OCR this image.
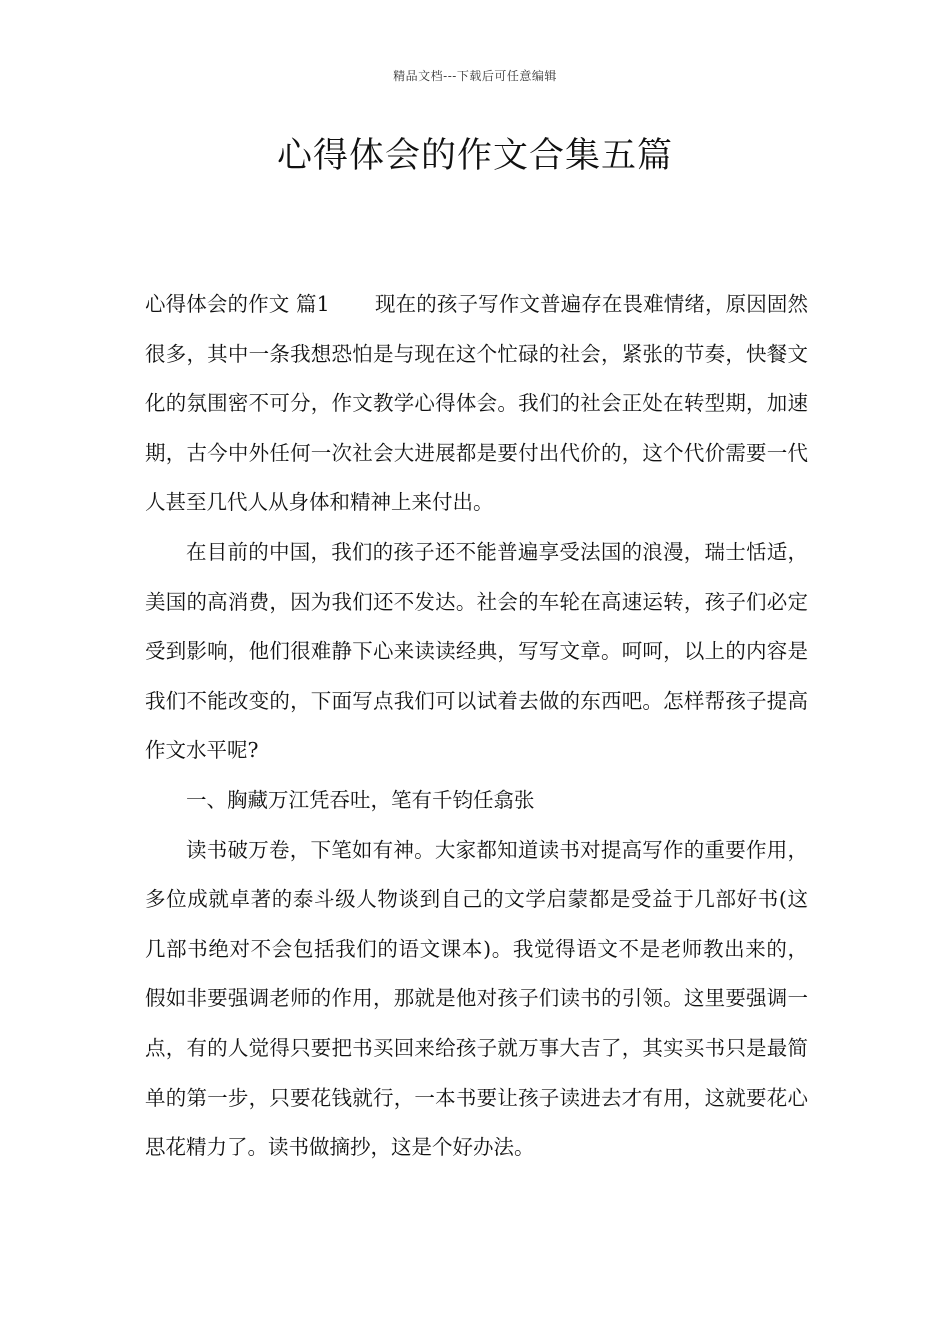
精品文档---下载后可任意编辑
心得体会的作文合集五篇

心得体会的作文 篇1 现在的孩子写作文普遍存在畏难情绪，原因固然很多，其中一条我想恐怕是与现在这个忙碌的社会，紧张的节奏，快餐文化的氛围密不可分，作文教学心得体会。我们的社会正处在转型期，加速期，古今中外任何一次社会大进展都是要付出代价的，这个代价需要一代人甚至几代人从身体和精神上来付出。

在目前的中国，我们的孩子还不能普遍享受法国的浪漫，瑞士恬适，美国的高消费，因为我们还不发达。社会的车轮在高速运转，孩子们必定受到影响，他们很难静下心来读读经典，写写文章。呵呵，以上的内容是我们不能改变的，下面写点我们可以试着去做的东西吧。怎样帮孩子提高作文水平呢?

一、胸藏万江凭吞吐，笔有千钧任翕张

读书破万卷，下笔如有神。大家都知道读书对提高写作的重要作用，多位成就卓著的泰斗级人物谈到自己的文学启蒙都是受益于几部好书(这几部书绝对不会包括我们的语文课本)。我觉得语文不是老师教出来的，假如非要强调老师的作用，那就是他对孩子们读书的引领。这里要强调一点，有的人觉得只要把书买回来给孩子就万事大吉了，其实买书只是最简单的第一步，只要花钱就行，一本书要让孩子读进去才有用，这就要花心思花精力了。读书做摘抄，这是个好办法。
